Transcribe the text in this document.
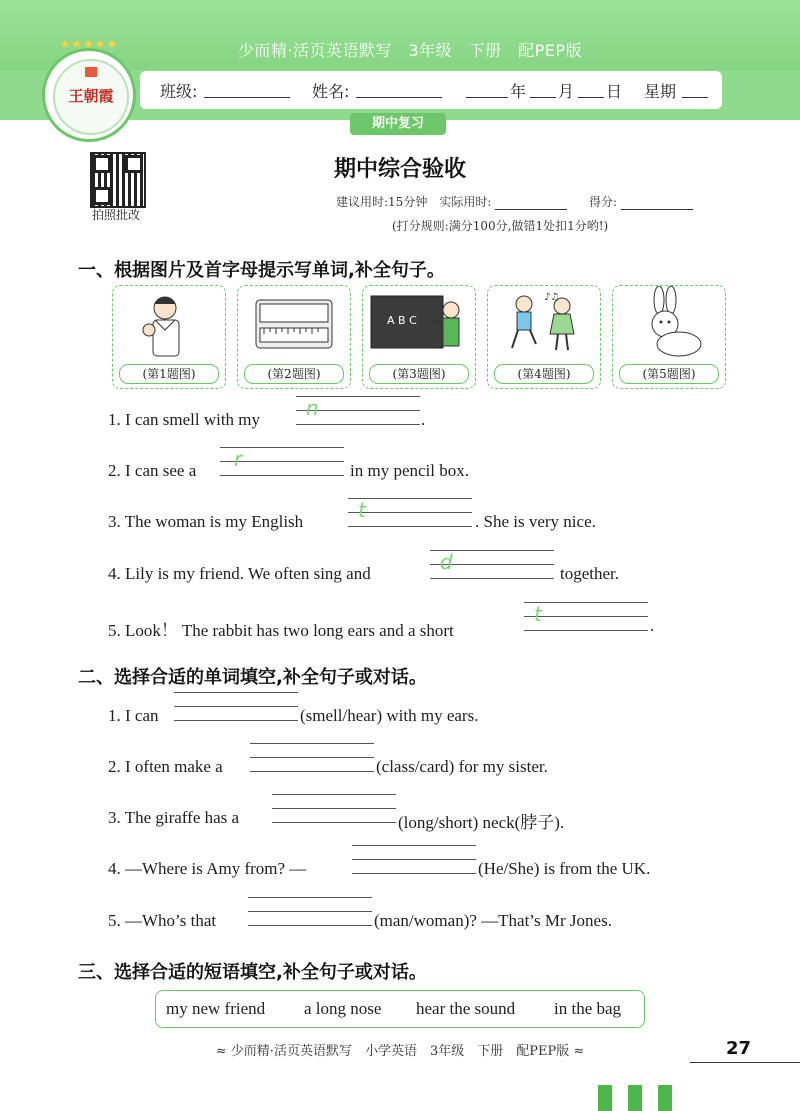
少而精·活页英语默写　3年级　下册　配PEP版
★★★★★
王朝霞	班级:	姓名:	年 月 日 星期
期中复习
拍照批改
期中综合验收
建议用时:15分钟　实际用时:	得分:
(打分规则:满分100分,做错1处扣1分哟!)
一、根据图片及首字母提示写单词,补全句子。
(第1题图)	(第2题图)
A B C
(第3题图)
♪♫
(第4题图)	(第5题图)
1. I can smell with my n	.
2. I can see a r	in my pencil box.
3. The woman is my English	t	. She is very nice.
4. Lily is my friend. We often sing and	d	together.
5. Look！ The rabbit has two long ears and a short
t	.
二、选择合适的单词填空,补全句子或对话。
1. I can	(smell/hear) with my ears.
2. I often make a	(class/card) for my sister.
3. The giraffe has a	(long/short) neck(脖子).
4. —Where is Amy from? —	(He/She) is from the UK.
5. —Who’s that	(man/woman)? —That’s Mr Jones.
三、选择合适的短语填空,补全句子或对话。
my new friend a long nose hear the sound in the bag
≈ 少而精·活页英语默写　小学英语　3年级　下册　配PEP版 ≈	27
